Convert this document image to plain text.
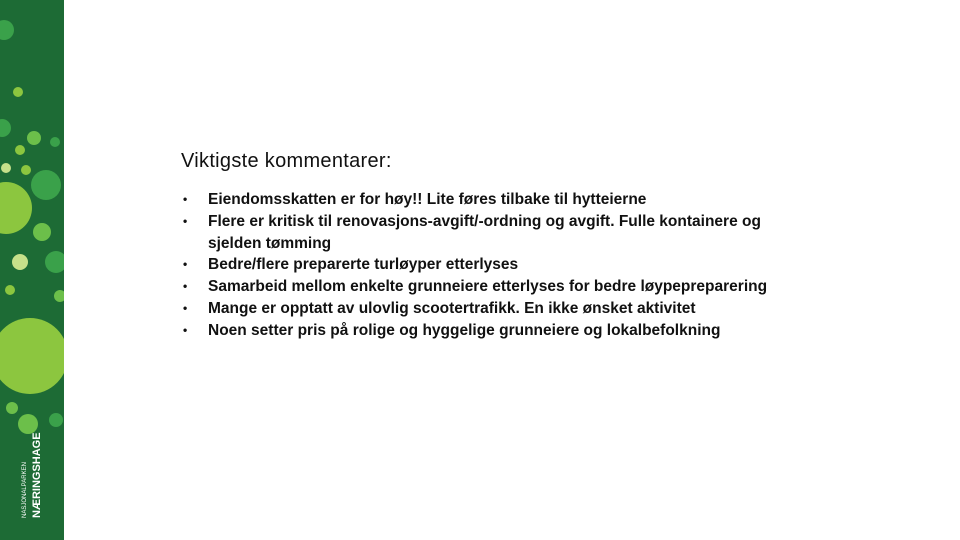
NASJONALPARKEN NÆRINGSHAGE
Viktigste kommentarer:
• Eiendomsskatten er for høy!! Lite føres tilbake til hytteierne
• Flere er kritisk til renovasjons-avgift/-ordning og avgift. Fulle kontainere og sjelden tømming
• Bedre/flere preparerte turløyper etterlyses
• Samarbeid mellom enkelte grunneiere etterlyses for bedre løypepreparering
• Mange er opptatt av ulovlig scootertrafikk. En ikke ønsket aktivitet
• Noen setter pris på rolige og hyggelige grunneiere og lokalbefolkning
